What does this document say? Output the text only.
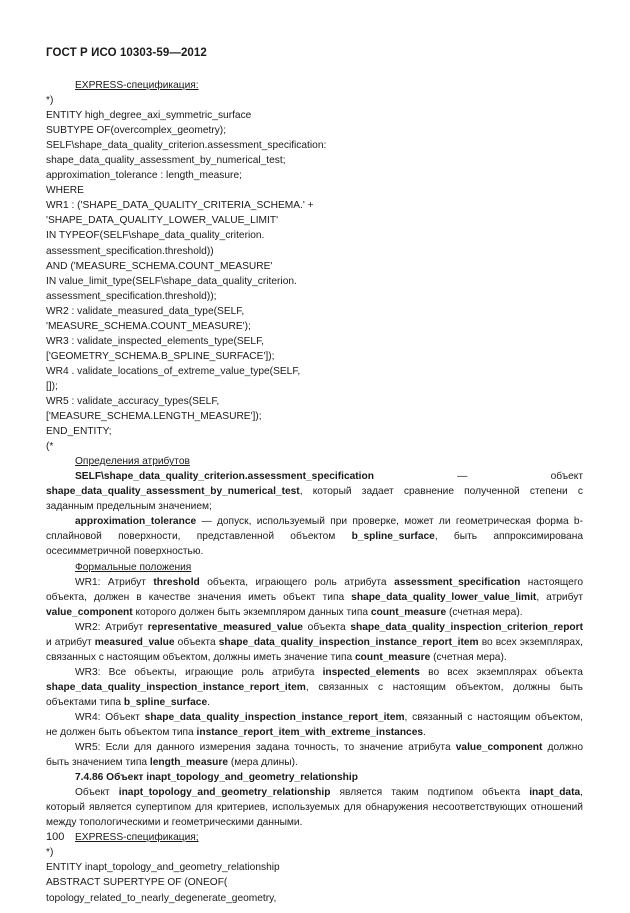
ГОСТ Р ИСО 10303-59—2012

EXPRESS-спецификация:

*)
ENTITY high_degree_axi_symmetric_surface
SUBTYPE OF(overcomplex_geometry);
SELF\shape_data_quality_criterion.assessment_specification:
shape_data_quality_assessment_by_numerical_test;
approximation_tolerance : length_measure;
WHERE
WR1 : ('SHAPE_DATA_QUALITY_CRITERIA_SCHEMA.' +
'SHAPE_DATA_QUALITY_LOWER_VALUE_LIMIT'
IN TYPEOF(SELF\shape_data_quality_criterion.
assessment_specification.threshold))
AND ('MEASURE_SCHEMA.COUNT_MEASURE'
IN value_limit_type(SELF\shape_data_quality_criterion.
assessment_specification.threshold));
WR2 : validate_measured_data_type(SELF,
'MEASURE_SCHEMA.COUNT_MEASURE');
WR3 : validate_inspected_elements_type(SELF,
['GEOMETRY_SCHEMA.B_SPLINE_SURFACE']);
WR4 . validate_locations_of_extreme_value_type(SELF,
[]);
WR5 : validate_accuracy_types(SELF,
['MEASURE_SCHEMA.LENGTH_MEASURE']);
END_ENTITY;
(*

Определения атрибутов

SELF\shape_data_quality_criterion.assessment_specification — объект shape_data_quality_assessment_by_numerical_test, который задает сравнение полученной степени с заданным предельным значением;

approximation_tolerance — допуск, используемый при проверке, может ли геометрическая форма b-сплайновой поверхности, представленной объектом b_spline_surface, быть аппроксимирована осесимметричной поверхностью.

Формальные положения

WR1: Атрибут threshold объекта, играющего роль атрибута assessment_specification настоящего объекта, должен в качестве значения иметь объект типа shape_data_quality_lower_value_limit, атрибут value_component которого должен быть экземпляром данных типа count_measure (счетная мера).

WR2: Атрибут representative_measured_value объекта shape_data_quality_inspection_criterion_report и атрибут measured_value объекта shape_data_quality_inspection_instance_report_item во всех экземплярах, связанных с настоящим объектом, должны иметь значение типа count_measure (счетная мера).

WR3: Все объекты, играющие роль атрибута inspected_elements во всех экземплярах объекта shape_data_quality_inspection_instance_report_item, связанных с настоящим объектом, должны быть объектами типа b_spline_surface.

WR4: Объект shape_data_quality_inspection_instance_report_item, связанный с настоящим объектом, не должен быть объектом типа instance_report_item_with_extreme_instances.

WR5: Если для данного измерения задана точность, то значение атрибута value_component должно быть значением типа length_measure (мера длины).

7.4.86 Объект inapt_topology_and_geometry_relationship

Объект inapt_topology_and_geometry_relationship является таким подтипом объекта inapt_data, который является супертипом для критериев, используемых для обнаружения несоответствующих отношений между топологическими и геометрическими данными.

EXPRESS-спецификация;

*)
ENTITY inapt_topology_and_geometry_relationship
ABSTRACT SUPERTYPE OF (ONEOF(
topology_related_to_nearly_degenerate_geometry,
100
